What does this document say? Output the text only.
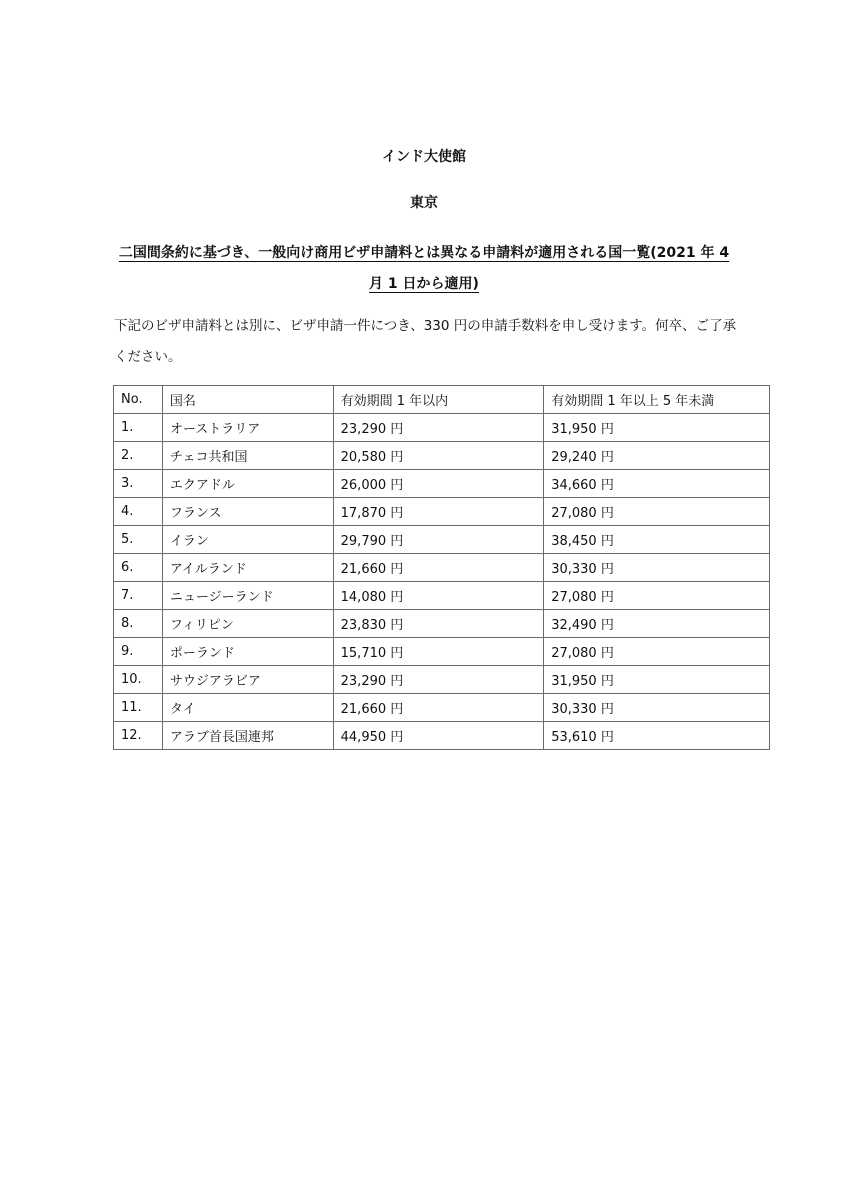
インド大使館
東京
二国間条約に基づき、一般向け商用ビザ申請料とは異なる申請料が適用される国一覧(2021 年 4 月 1 日から適用)
下記のビザ申請料とは別に、ビザ申請一件につき、330 円の申請手数料を申し受けます。何卒、ご了承ください。
No.	国名	有効期間 1 年以内	有効期間 1 年以上 5 年未満
1.	オーストラリア	23,290 円	31,950 円
2.	チェコ共和国	20,580 円	29,240 円
3.	エクアドル	26,000 円	34,660 円
4.	フランス	17,870 円	27,080 円
5.	イラン	29,790 円	38,450 円
6.	アイルランド	21,660 円	30,330 円
7.	ニュージーランド	14,080 円	27,080 円
8.	フィリピン	23,830 円	32,490 円
9.	ポーランド	15,710 円	27,080 円
10.	サウジアラビア	23,290 円	31,950 円
11.	タイ	21,660 円	30,330 円
12.	アラブ首長国連邦	44,950 円	53,610 円
